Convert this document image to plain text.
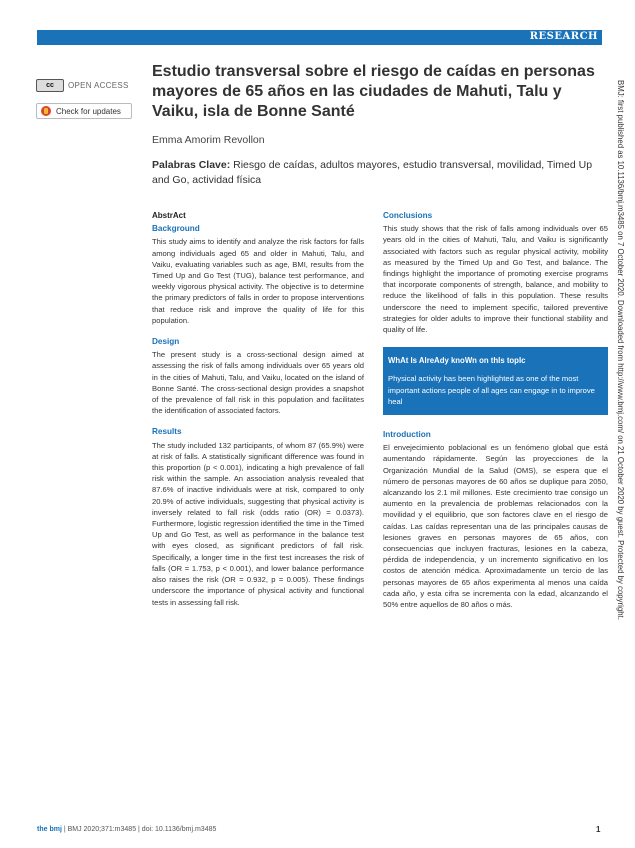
RESEARCH
cc	OPEN ACCESS
Check for updates
Estudio transversal sobre el riesgo de caídas en personas mayores de 65 años en las ciudades de Mahuti, Talu y Vaiku, isla de Bonne Santé
Emma Amorim Revollon
Palabras Clave: Riesgo de caídas, adultos mayores, estudio transversal, movilidad, Timed Up and Go, actividad física
AbstrAct
Background

This study aims to identify and analyze the risk factors for falls among individuals aged 65 and older in Mahuti, Talu, and Vaiku, evaluating variables such as age, BMI, results from the Timed Up and Go Test (TUG), balance test performance, and weekly vigorous physical activity. The objective is to determine the primary predictors of falls in order to propose interventions that reduce risk and improve the quality of life for this population.

Design

The present study is a cross-sectional design aimed at assessing the risk of falls among individuals over 65 years old in the cities of Mahuti, Talu, and Vaiku, located on the island of Bonne Santé. The cross-sectional design provides a snapshot of the prevalence of fall risk in this population and facilitates the identification of associated factors.

Results

The study included 132 participants, of whom 87 (65.9%) were at risk of falls. A statistically significant difference was found in this proportion (p < 0.001), indicating a high prevalence of fall risk within the sample. An association analysis revealed that 87.6% of inactive individuals were at risk, compared to only 20.9% of active individuals, suggesting that physical activity is inversely related to fall risk (odds ratio (OR) = 0.0373). Furthermore, logistic regression identified the time in the Timed Up and Go Test, as well as performance in the balance test with eyes closed, as significant predictors of fall risk. Specifically, a longer time in the first test increases the risk of falls (OR = 1.753, p < 0.001), and lower balance performance also raises the risk (OR = 0.932, p = 0.005). These findings underscore the importance of physical activity and functional tests in assessing fall risk.

Conclusions

This study shows that the risk of falls among individuals over 65 years old in the cities of Mahuti, Talu, and Vaiku is significantly associated with factors such as regular physical activity, mobility as measured by the Timed Up and Go Test, and balance. The findings highlight the importance of promoting exercise programs that incorporate components of strength, balance, and mobility to reduce the likelihood of falls in this population. These results underscore the need to implement specific, tailored preventive strategies for older adults to improve their functional stability and quality of life.

WhAt Is AlreAdy knoWn on thIs topIc

Physical activity has been highlighted as one of the most important actions people of all ages can engage in to improve heal

Introduction

El envejecimiento poblacional es un fenómeno global que está aumentando rápidamente. Según las proyecciones de la Organización Mundial de la Salud (OMS), se espera que el número de personas mayores de 60 años se duplique para 2050, alcanzando los 2.1 mil millones. Este crecimiento trae consigo un aumento en la prevalencia de problemas relacionados con la movilidad y el equilibrio, que son factores clave en el riesgo de caídas. Las caídas representan una de las principales causas de lesiones graves en personas mayores de 65 años, con consecuencias que incluyen fracturas, lesiones en la cabeza, pérdida de independencia, y un incremento significativo en los costos de atención médica. Aproximadamente un tercio de las personas mayores de 65 años experimenta al menos una caída cada año, y esta cifra se incrementa con la edad, alcanzando el 50% entre aquellos de 80 años o más.	BMJ: first published as 10.1136/bmj.m3485 on 7 October 2020. Downloaded from http://www.bmj.com/ on 21 October 2020 by guest. Protected by copyright.
the bmj | BMJ 2020;371:m3485 | doi: 10.1136/bmj.m3485	1
